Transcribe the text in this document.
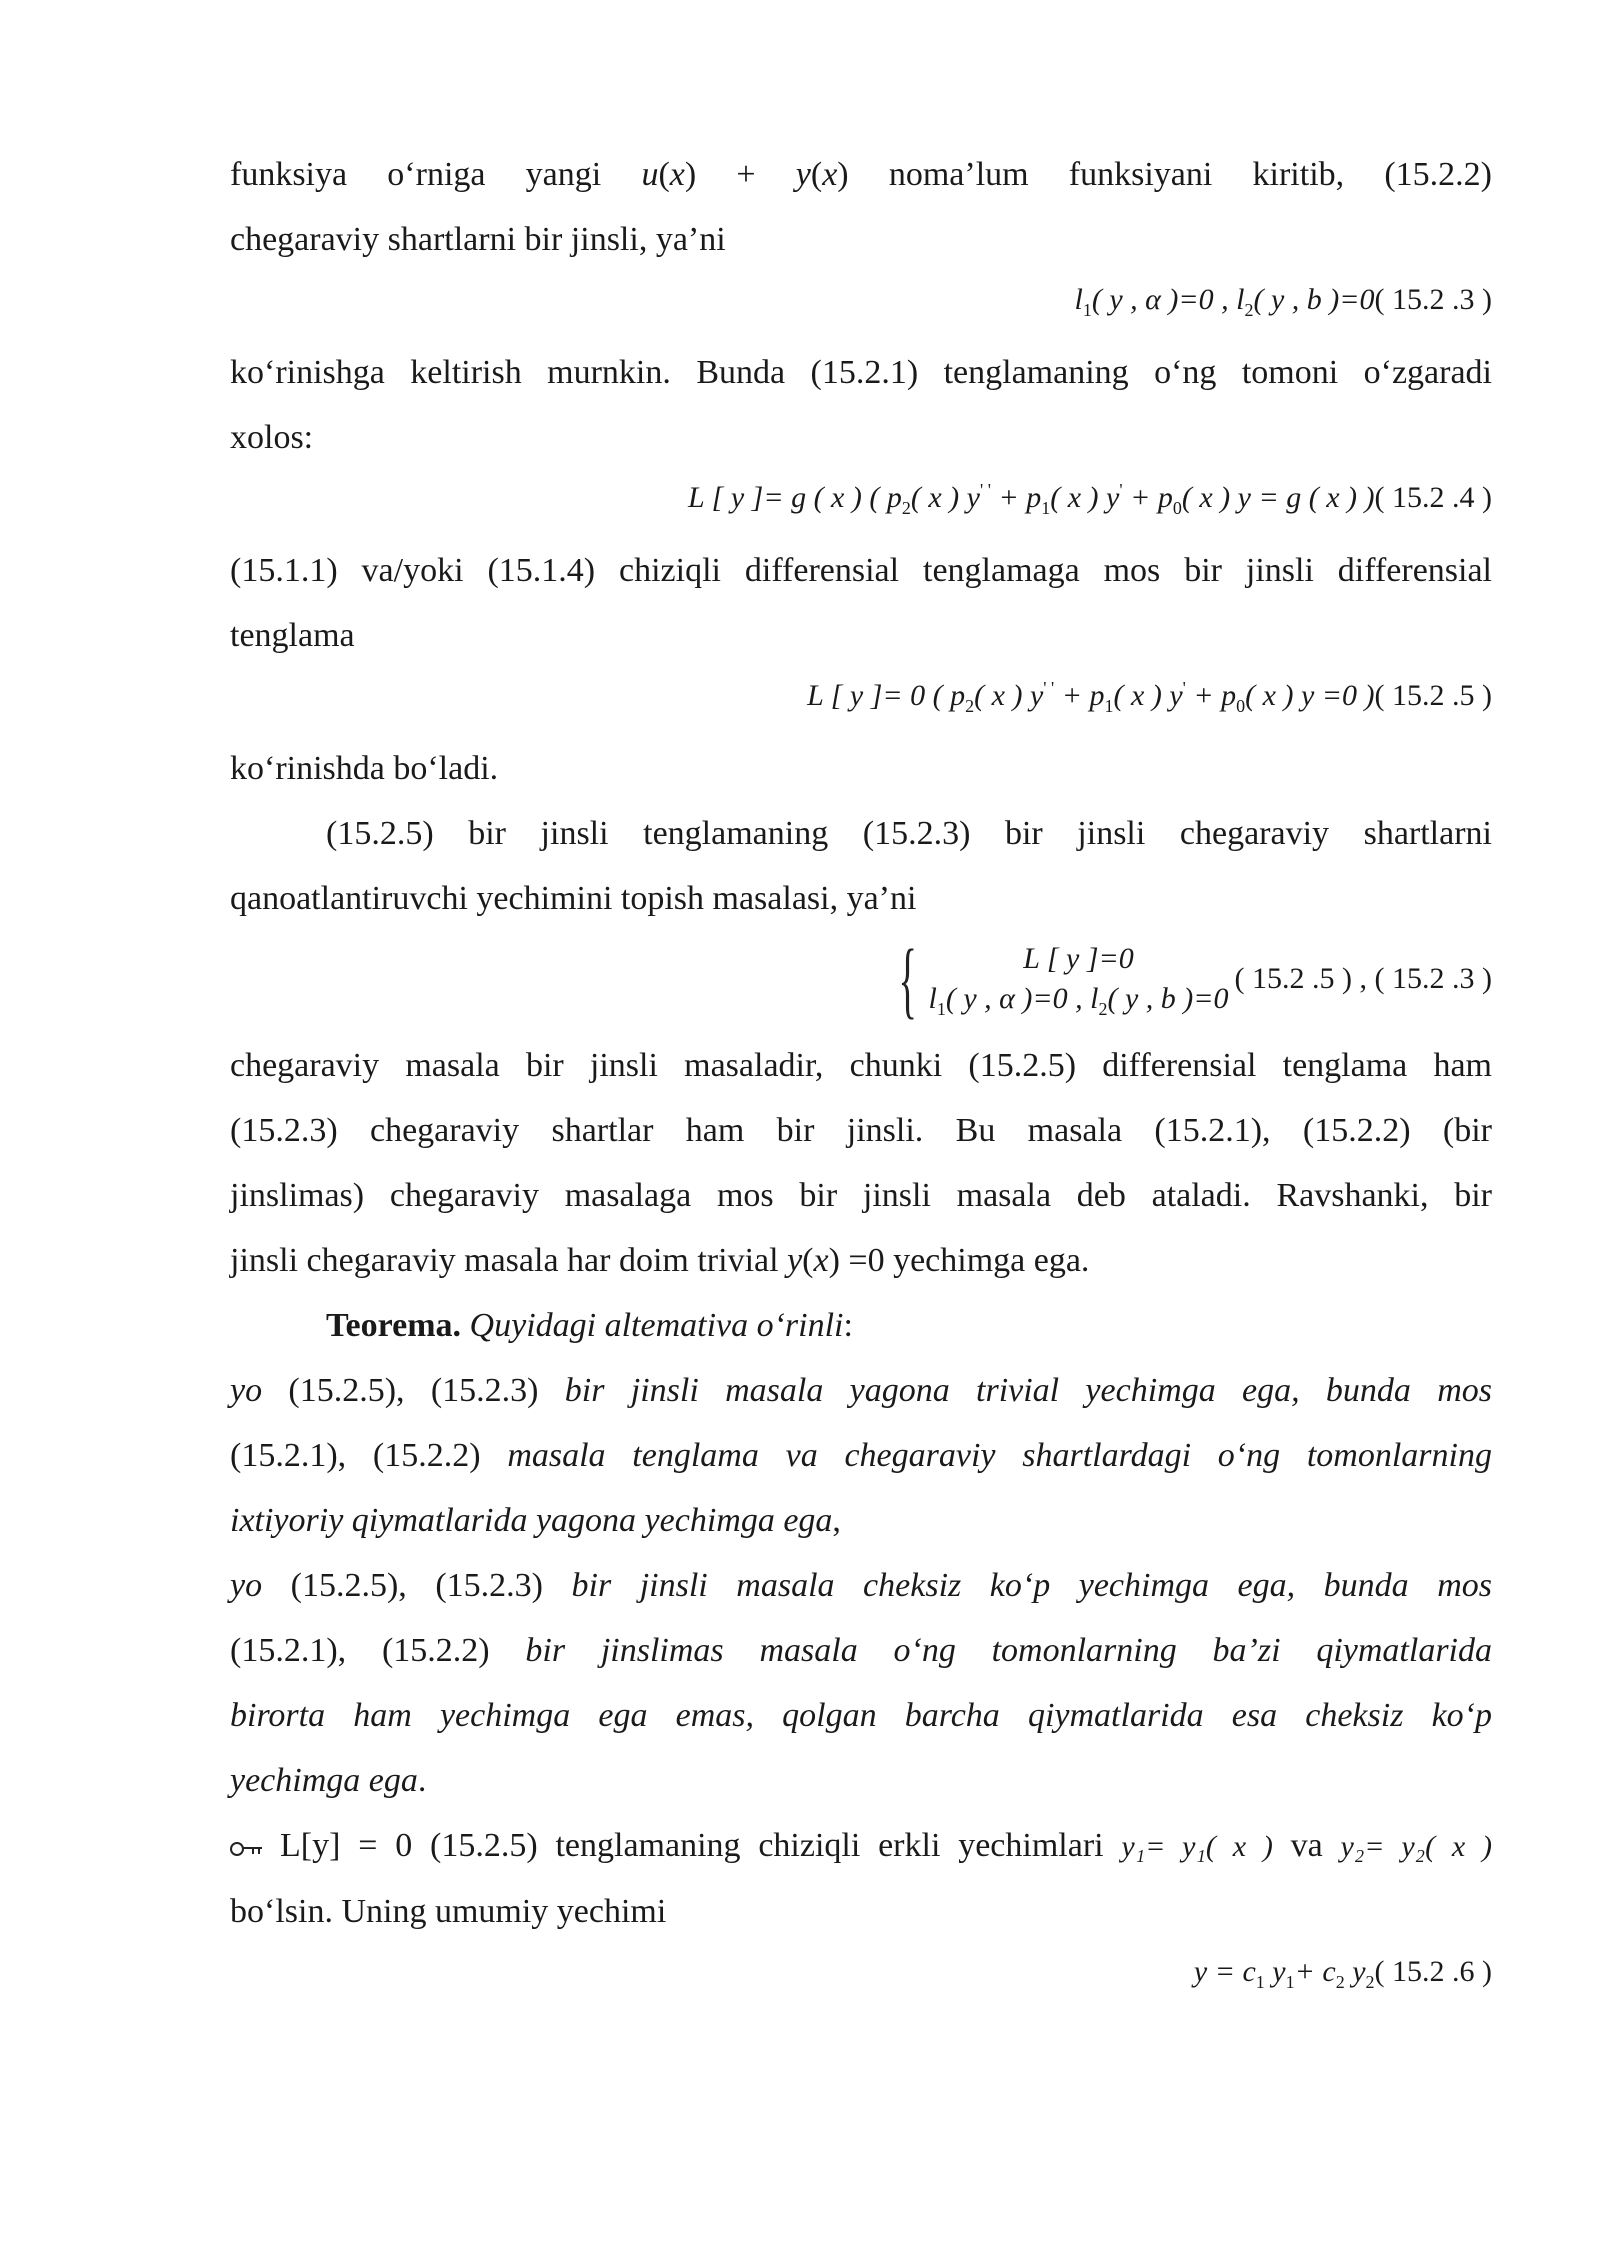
funksiya o‘rniga yangi u(x) + y(x) noma’lum funksiyani kiritib, (15.2.2)

chegaraviy shartlarni bir jinsli, ya’ni

$l_1$( y , α )=0 , $l_2$( y , b )=0( 15.2 .3 )

ko‘rinishga keltirish murnkin. Bunda (15.2.1) tenglamaning o‘ng tomoni o‘zgaradi

xolos:

L [ y ]= g ( x ) ( $p_2$( x ) $y^{' '} + p_1$( x ) $y' + p_0$( x ) y = g ( x ) )( 15.2 .4 )

(15.1.1) va/yoki (15.1.4) chiziqli differensial tenglamaga mos bir jinsli differensial

tenglama

L [ y ]= 0 ( $p_2$( x ) $y^{' '} + p_1$( x ) $y' + p_0$( x ) y =0 )( 15.2 .5 )

ko‘rinishda bo‘ladi.

(15.2.5) bir jinsli tenglamaning (15.2.3) bir jinsli chegaraviy shartlarni

qanoatlantiruvchi yechimini topish masalasi, ya’ni

{	L [ y ]=0
$l_1$( y , α )=0 , $l_2$( y , b )=0
( 15.2 .5 ) , ( 15.2 .3 )

chegaraviy masala bir jinsli masaladir, chunki (15.2.5) differensial tenglama ham

(15.2.3) chegaraviy shartlar ham bir jinsli. Bu masala (15.2.1), (15.2.2) (bir

jinslimas) chegaraviy masalaga mos bir jinsli masala deb ataladi. Ravshanki, bir

jinsli chegaraviy masala har doim trivial y(x) =0 yechimga ega.

Teorema. Quyidagi altemativa o‘rinli:

yo (15.2.5), (15.2.3) bir jinsli masala yagona trivial yechimga ega, bunda mos

(15.2.1), (15.2.2) masala tenglama va chegaraviy shartlardagi o‘ng tomonlarning

ixtiyoriy qiymatlarida yagona yechimga ega,

yo (15.2.5), (15.2.3) bir jinsli masala cheksiz ko‘p yechimga ega, bunda mos

(15.2.1), (15.2.2) bir jinslimas masala o‘ng tomonlarning ba’zi qiymatlarida

birorta ham yechimga ega emas, qolgan barcha qiymatlarida esa cheksiz ko‘p

yechimga ega.

L[y] = 0 (15.2.5) tenglamaning chiziqli erkli yechimlari y₁= y₁( x ) va y₂= y₂( x )

bo‘lsin. Uning umumiy yechimi

$y = c_1$ $y_1+ c_2$ $y_2$( 15.2 .6 )
